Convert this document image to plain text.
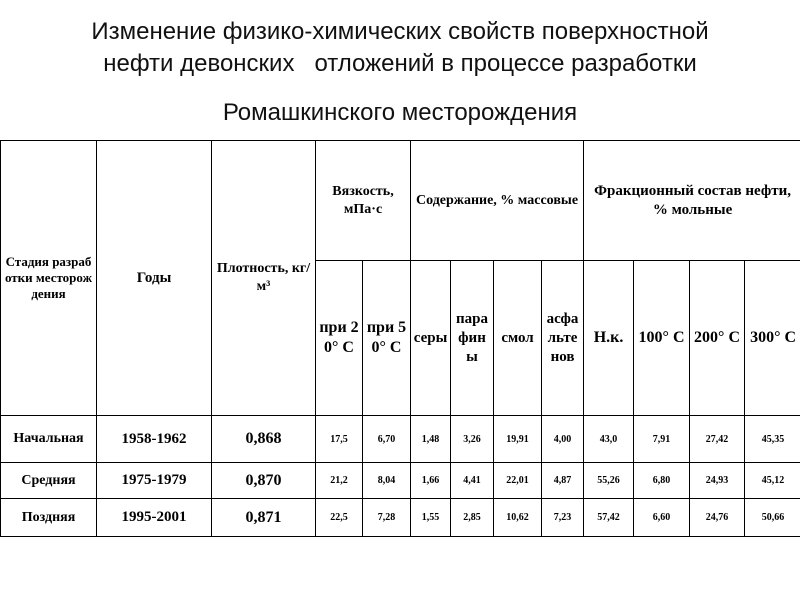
Изменение физико-химических свойств поверхностной
нефти девонских   отложений в процессе разработки
Ромашкинского месторождения
Стадия разработки месторождения	Годы	Плотность, кг/м³	Вязкость, мПа·с		Содержание, % массовые				Фракционный состав нефти, % мольные			
			при 20° С	при 50° С	серы	парафины	смол	асфальтенов	Н.к.	100° С	200° С	300° С
Начальная	1958-1962	0,868	17,5	6,70	1,48	3,26	19,91	4,00	43,0	7,91	27,42	45,35
Средняя	1975-1979	0,870	21,2	8,04	1,66	4,41	22,01	4,87	55,26	6,80	24,93	45,12
Поздняя	1995-2001	0,871	22,5	7,28	1,55	2,85	10,62	7,23	57,42	6,60	24,76	50,66
